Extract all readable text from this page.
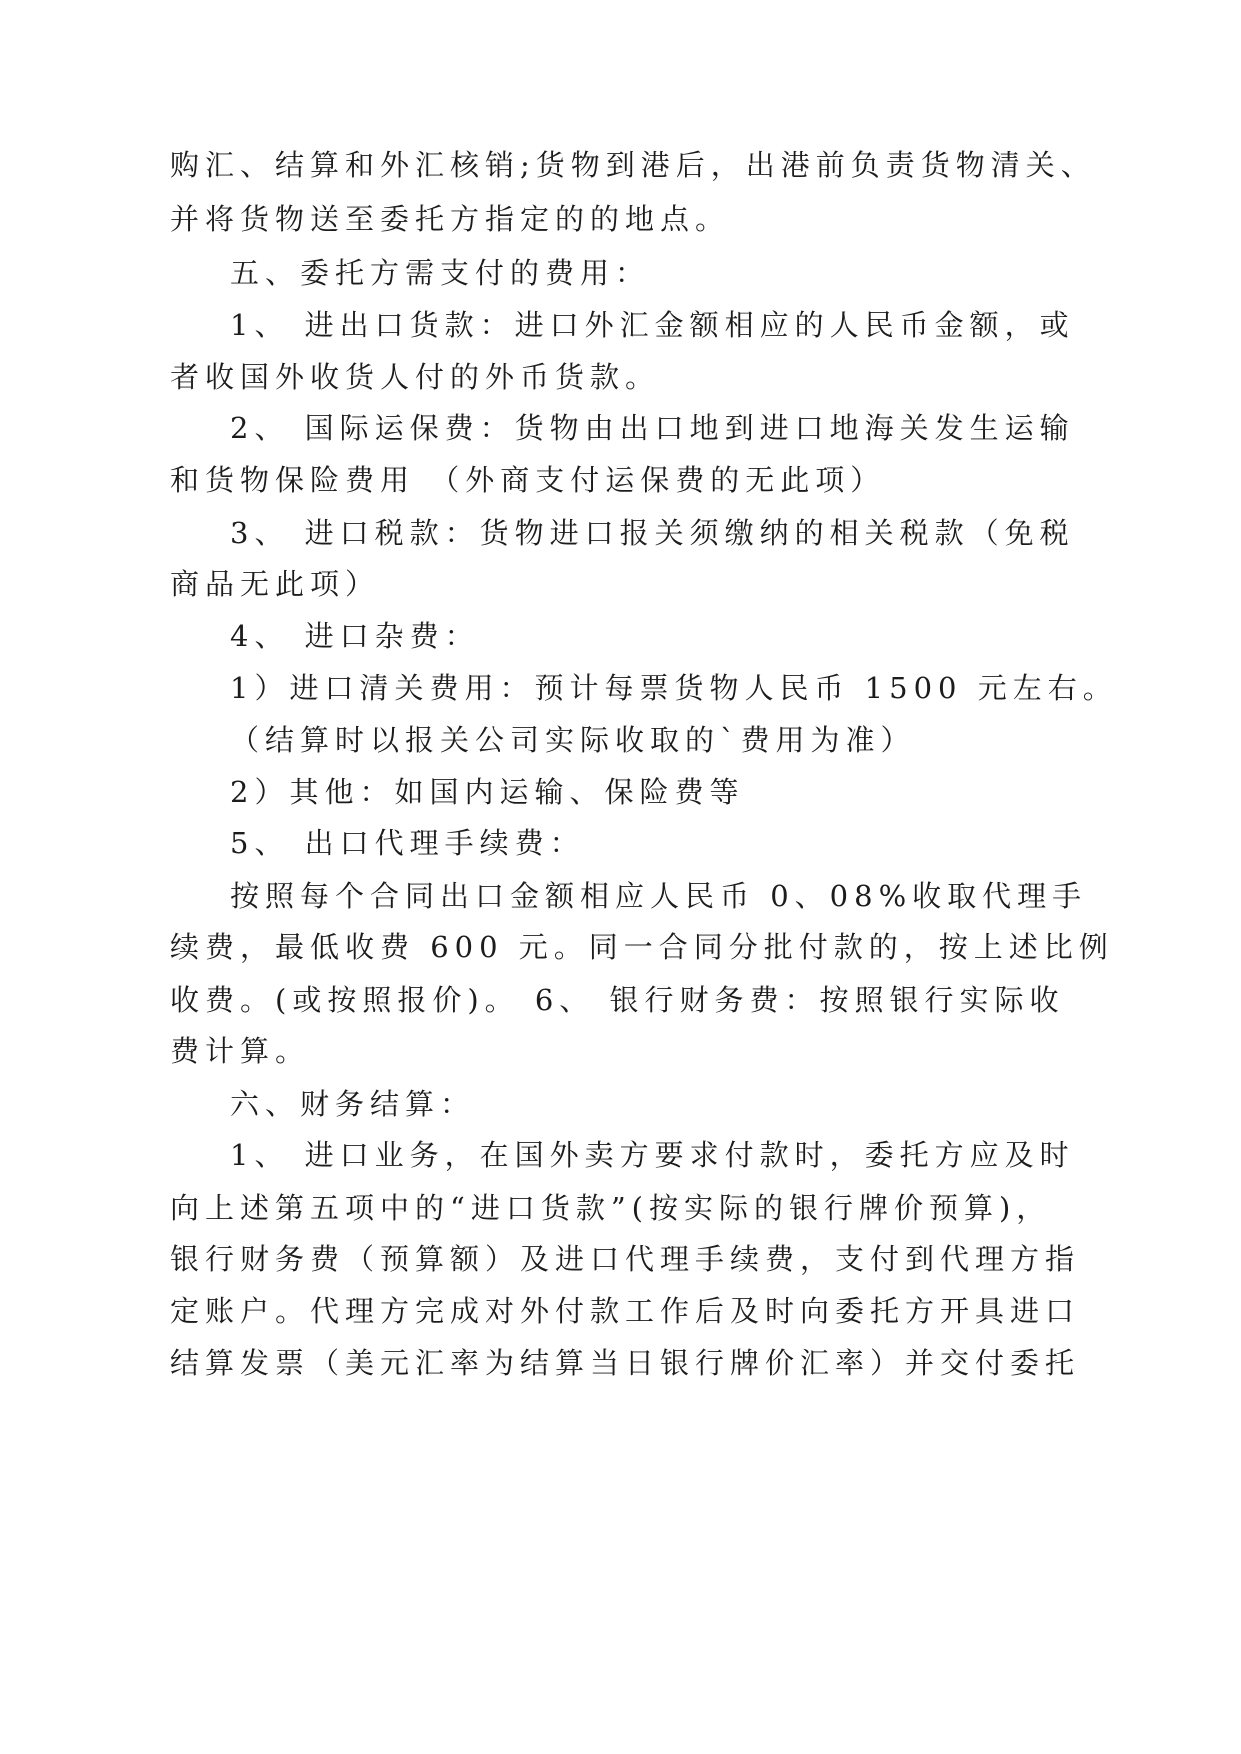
购汇、结算和外汇核销;货物到港后，出港前负责货物清关、
并将货物送至委托方指定的的地点。
五、委托方需支付的费用：
1、 进出口货款：进口外汇金额相应的人民币金额，或
者收国外收货人付的外币货款。
2、 国际运保费：货物由出口地到进口地海关发生运输
和货物保险费用 （外商支付运保费的无此项）
3、 进口税款：货物进口报关须缴纳的相关税款（免税
商品无此项）
4、 进口杂费：
1）进口清关费用：预计每票货物人民币 1500 元左右。
（结算时以报关公司实际收取的`费用为准）
2）其他：如国内运输、保险费等
5、 出口代理手续费：
按照每个合同出口金额相应人民币 0、08%收取代理手
续费，最低收费 600 元。同一合同分批付款的，按上述比例
收费。(或按照报价)。 6、 银行财务费：按照银行实际收
费计算。
六、财务结算：
1、 进口业务，在国外卖方要求付款时，委托方应及时
向上述第五项中的“进口货款”(按实际的银行牌价预算)，
银行财务费（预算额）及进口代理手续费，支付到代理方指
定账户。代理方完成对外付款工作后及时向委托方开具进口
结算发票（美元汇率为结算当日银行牌价汇率）并交付委托
